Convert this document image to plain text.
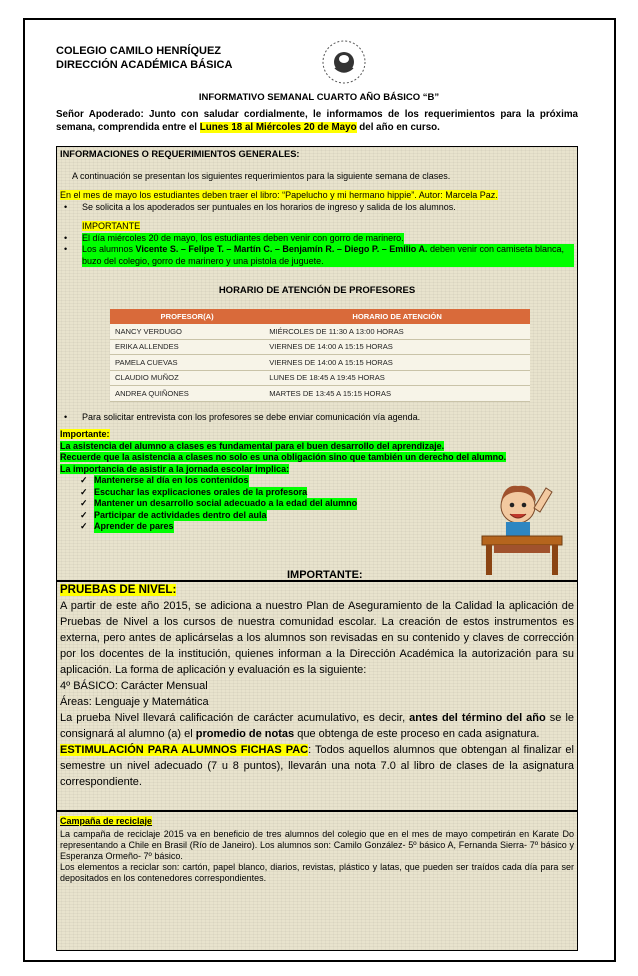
COLEGIO CAMILO HENRÍQUEZ
DIRECCIÓN ACADÉMICA BÁSICA
INFORMATIVO SEMANAL CUARTO AÑO BÁSICO “B”
Señor Apoderado: Junto con saludar cordialmente, le informamos de los requerimientos para la próxima semana, comprendida entre el Lunes 18 al Miércoles 20 de Mayo del año en curso.
INFORMACIONES O REQUERIMIENTOS GENERALES:
A continuación se presentan los siguientes requerimientos para la siguiente semana de clases.
En el mes de mayo los estudiantes deben traer el libro: “Papelucho y mi hermano hippie”. Autor: Marcela Paz.
•	Se solicita a los apoderados ser puntuales en los horarios de ingreso y salida de los alumnos.
IMPORTANTE
•	El día miércoles 20 de mayo, los estudiantes deben venir con gorro de marinero.
•	Los alumnos Vicente S. – Felipe T. – Martín C. – Benjamín R. – Diego P. – Emilio A. deben venir con camiseta blanca, buzo del colegio, gorro de marinero y una pistola de juguete.
HORARIO DE ATENCIÓN DE PROFESORES
PROFESOR(A)	HORARIO DE ATENCIÓN
NANCY VERDUGO	MIÉRCOLES DE 11:30 A 13:00 HORAS
ERIKA ALLENDES	VIERNES DE 14:00 A 15:15 HORAS
PAMELA CUEVAS	VIERNES DE 14:00 A 15:15 HORAS
CLAUDIO MUÑOZ	LUNES DE 18:45 A 19:45 HORAS
ANDREA QUIÑONES	MARTES DE 13:45 A 15:15 HORAS
•	Para solicitar entrevista con los profesores se debe enviar comunicación vía agenda.
Importante:
La asistencia del alumno a clases es fundamental para el buen desarrollo del aprendizaje.
Recuerde que la asistencia a clases no solo es una obligación sino que también un derecho del alumno.
La importancia de asistir a la jornada escolar implica:
✓ Mantenerse al día en los contenidos
✓ Escuchar las explicaciones orales de la profesora
✓ Mantener un desarrollo social adecuado a la edad del alumno
✓ Participar de actividades dentro del aula
✓ Aprender de pares
IMPORTANTE:
PRUEBAS DE NIVEL:
A partir de este año 2015, se adiciona a nuestro Plan de Aseguramiento de la Calidad la aplicación de Pruebas de Nivel a los cursos de nuestra comunidad escolar. La creación de estos instrumentos es externa, pero antes de aplicárselas a los alumnos son revisadas en su contenido y claves de corrección por los docentes de la institución, quienes informan a la Dirección Académica la autorización para su aplicación. La forma de aplicación y evaluación es la siguiente:
4º BÁSICO: Carácter Mensual
Áreas: Lenguaje y Matemática
La prueba Nivel llevará calificación de carácter acumulativo, es decir, antes del término del año se le consignará al alumno (a) el promedio de notas que obtenga de este proceso en cada asignatura.
ESTIMULACIÓN PARA ALUMNOS FICHAS PAC: Todos aquellos alumnos que obtengan al finalizar el semestre un nivel adecuado (7 u 8 puntos), llevarán una nota 7.0 al libro de clases de la asignatura correspondiente.
Campaña de reciclaje
La campaña de reciclaje 2015 va en beneficio de tres alumnos del colegio que en el mes de mayo competirán en Karate Do representando a Chile en Brasil (Río de Janeiro). Los alumnos son: Camilo González- 5º básico A, Fernanda Sierra- 7º básico y Esperanza Ormeño- 7º básico.
Los elementos a reciclar son: cartón, papel blanco, diarios, revistas, plástico y latas, que pueden ser traídos cada día para ser depositados en los contenedores correspondientes.
